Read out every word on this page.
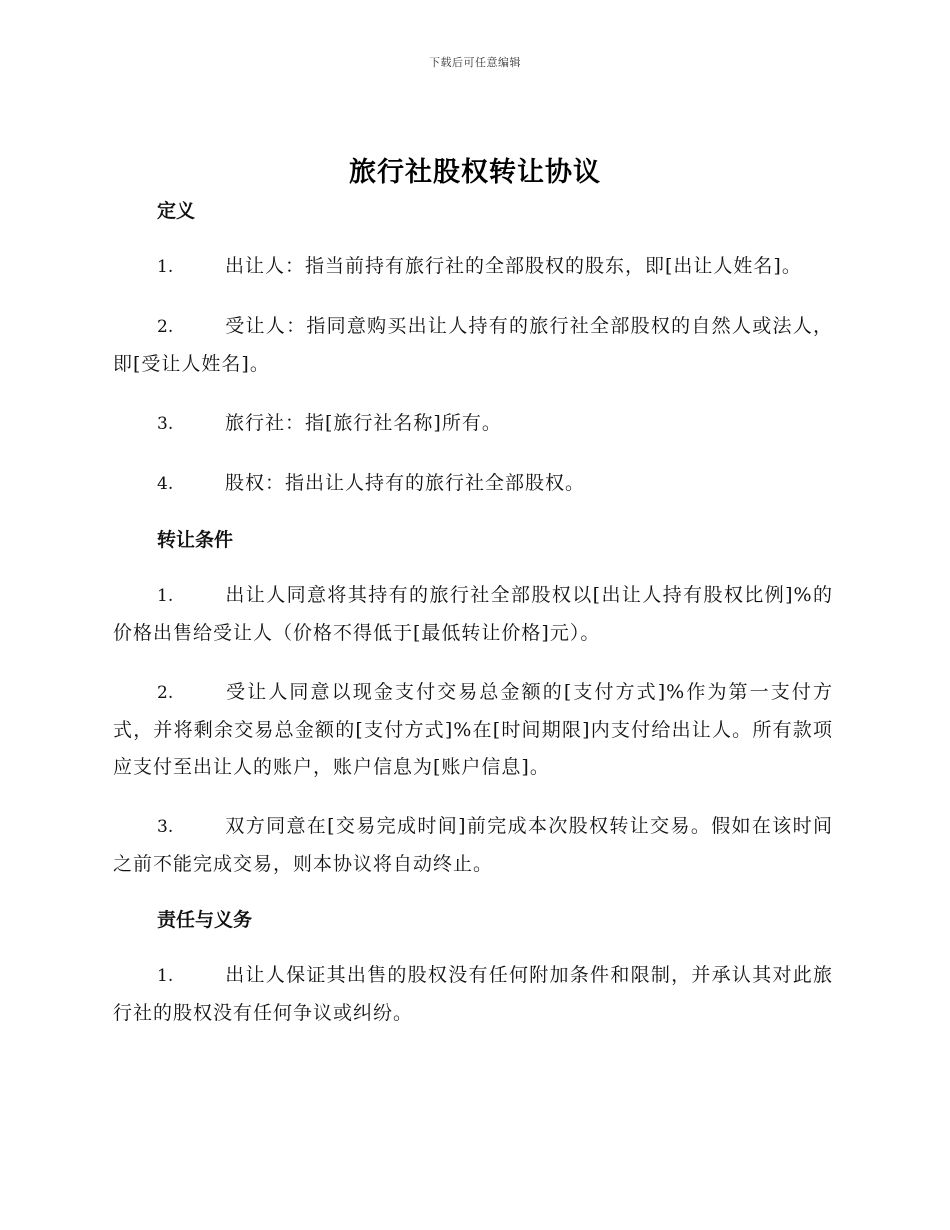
下载后可任意编辑
旅行社股权转让协议
定义

1.	出让人：指当前持有旅行社的全部股权的股东，即[出让人姓名]。

2.	受让人：指同意购买出让人持有的旅行社全部股权的自然人或法人，即[受让人姓名]。

3.	旅行社：指[旅行社名称]所有。

4.	股权：指出让人持有的旅行社全部股权。

转让条件

1.	出让人同意将其持有的旅行社全部股权以[出让人持有股权比例]%的价格出售给受让人（价格不得低于[最低转让价格]元）。

2.	受让人同意以现金支付交易总金额的[支付方式]%作为第一支付方式，并将剩余交易总金额的[支付方式]%在[时间期限]内支付给出让人。所有款项应支付至出让人的账户，账户信息为[账户信息]。

3.	双方同意在[交易完成时间]前完成本次股权转让交易。假如在该时间之前不能完成交易，则本协议将自动终止。

责任与义务

1.	出让人保证其出售的股权没有任何附加条件和限制，并承认其对此旅行社的股权没有任何争议或纠纷。
